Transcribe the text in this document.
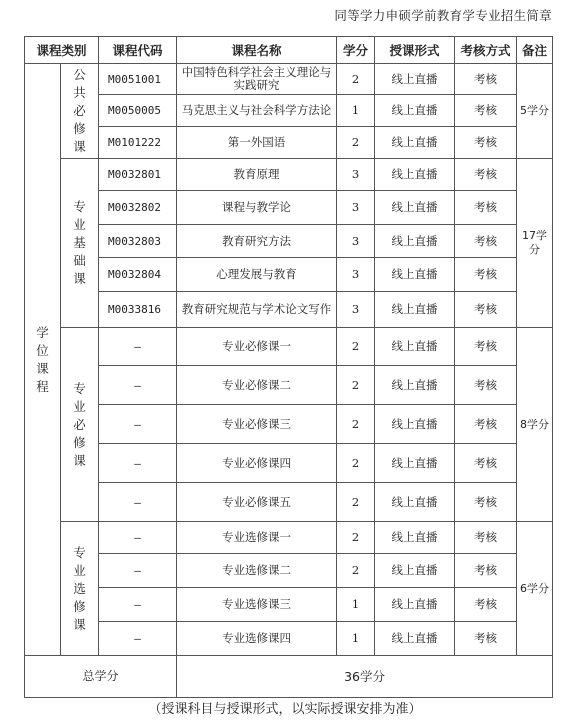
同等学力申硕学前教育学专业招生简章
课程类别		课程代码	课程名称	学分	授课形式	考核方式	备注

学位课程	公共必修课	M0051001	中国特色科学社会主义理论与实践研究	2	线上直播	考核	5学分
		M0050005	马克思主义与社会科学方法论	1	线上直播	考核	
		M0101222	第一外国语	2	线上直播	考核	

	专业基础课	M0032801	教育原理	3	线上直播	考核	17学分
		M0032802	课程与教学论	3	线上直播	考核	
		M0032803	教育研究方法	3	线上直播	考核	
		M0032804	心理发展与教育	3	线上直播	考核	
		M0033816	教育研究规范与学术论文写作	3	线上直播	考核	

	专业必修课	–	专业必修课一	2	线上直播	考核	8学分
		–	专业必修课二	2	线上直播	考核	
		–	专业必修课三	2	线上直播	考核	
		–	专业必修课四	2	线上直播	考核	
		–	专业必修课五	2	线上直播	考核	

	专业选修课	–	专业选修课一	2	线上直播	考核	6学分
		–	专业选修课二	2	线上直播	考核	
		–	专业选修课三	1	线上直播	考核	
		–	专业选修课四	1	线上直播	考核	
总学分			36学分				
（授课科目与授课形式，以实际授课安排为准）
